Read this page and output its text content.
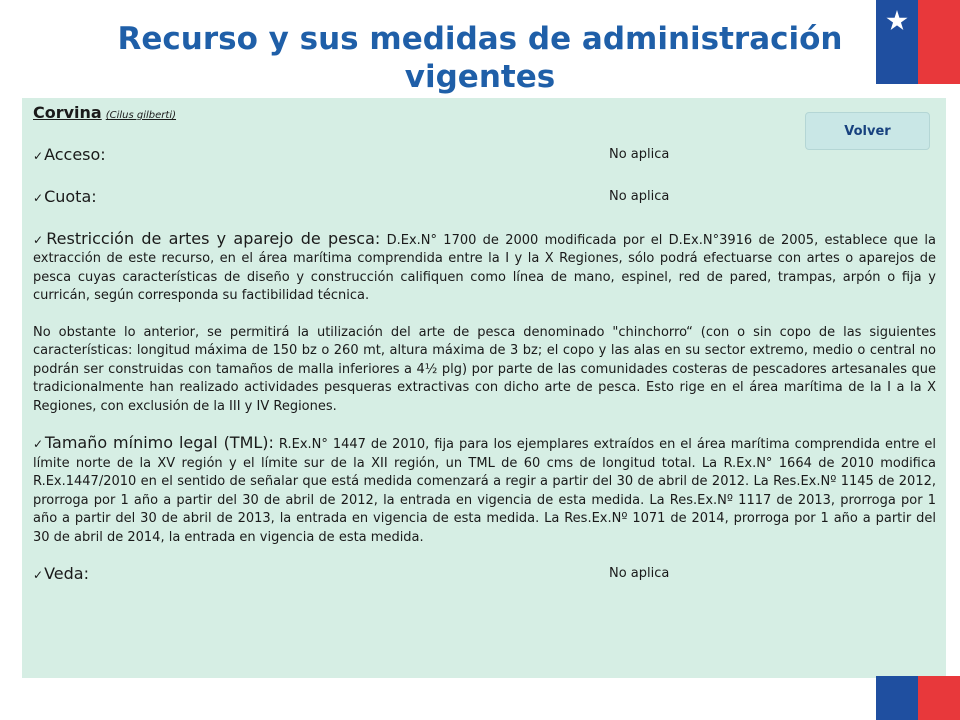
Recurso y sus medidas de administración vigentes
Corvina (Cilus gilberti)
✓ Acceso:	No aplica
✓ Cuota:	No aplica

✓Restricción de artes y aparejo de pesca: D.Ex.N° 1700 de 2000 modificada por el D.Ex.N°3916 de 2005, establece que la extracción de este recurso, en el área marítima comprendida entre la I y la X Regiones, sólo podrá efectuarse con artes o aparejos de pesca cuyas características de diseño y construcción califiquen como línea de mano, espinel, red de pared, trampas, arpón o fija y curricán, según corresponda su factibilidad técnica.

No obstante lo anterior, se permitirá la utilización del arte de pesca denominado "chinchorro“ (con o sin copo de las siguientes características: longitud máxima de 150 bz o 260 mt, altura máxima de 3 bz; el copo y las alas en su sector extremo, medio o central no podrán ser construidas con tamaños de malla inferiores a 4½ plg) por parte de las comunidades costeras de pescadores artesanales que tradicionalmente han realizado actividades pesqueras extractivas con dicho arte de pesca. Esto rige en el área marítima de la I a la X Regiones, con exclusión de la III y IV Regiones.

✓Tamaño mínimo legal (TML): R.Ex.N° 1447 de 2010, fija para los ejemplares extraídos en el área marítima comprendida entre el límite norte de la XV región y el límite sur de la XII región, un TML de 60 cms de longitud total. La R.Ex.N° 1664 de 2010 modifica R.Ex.1447/2010 en el sentido de señalar que está medida comenzará a regir a partir del 30 de abril de 2012. La Res.Ex.Nº 1145 de 2012, prorroga por 1 año a partir del 30 de abril de 2012, la entrada en vigencia de esta medida. La Res.Ex.Nº 1117 de 2013, prorroga por 1 año a partir del 30 de abril de 2013, la entrada en vigencia de esta medida. La Res.Ex.Nº 1071 de 2014, prorroga por 1 año a partir del 30 de abril de 2014, la entrada en vigencia de esta medida.

✓ Veda:	No aplica
Volver
